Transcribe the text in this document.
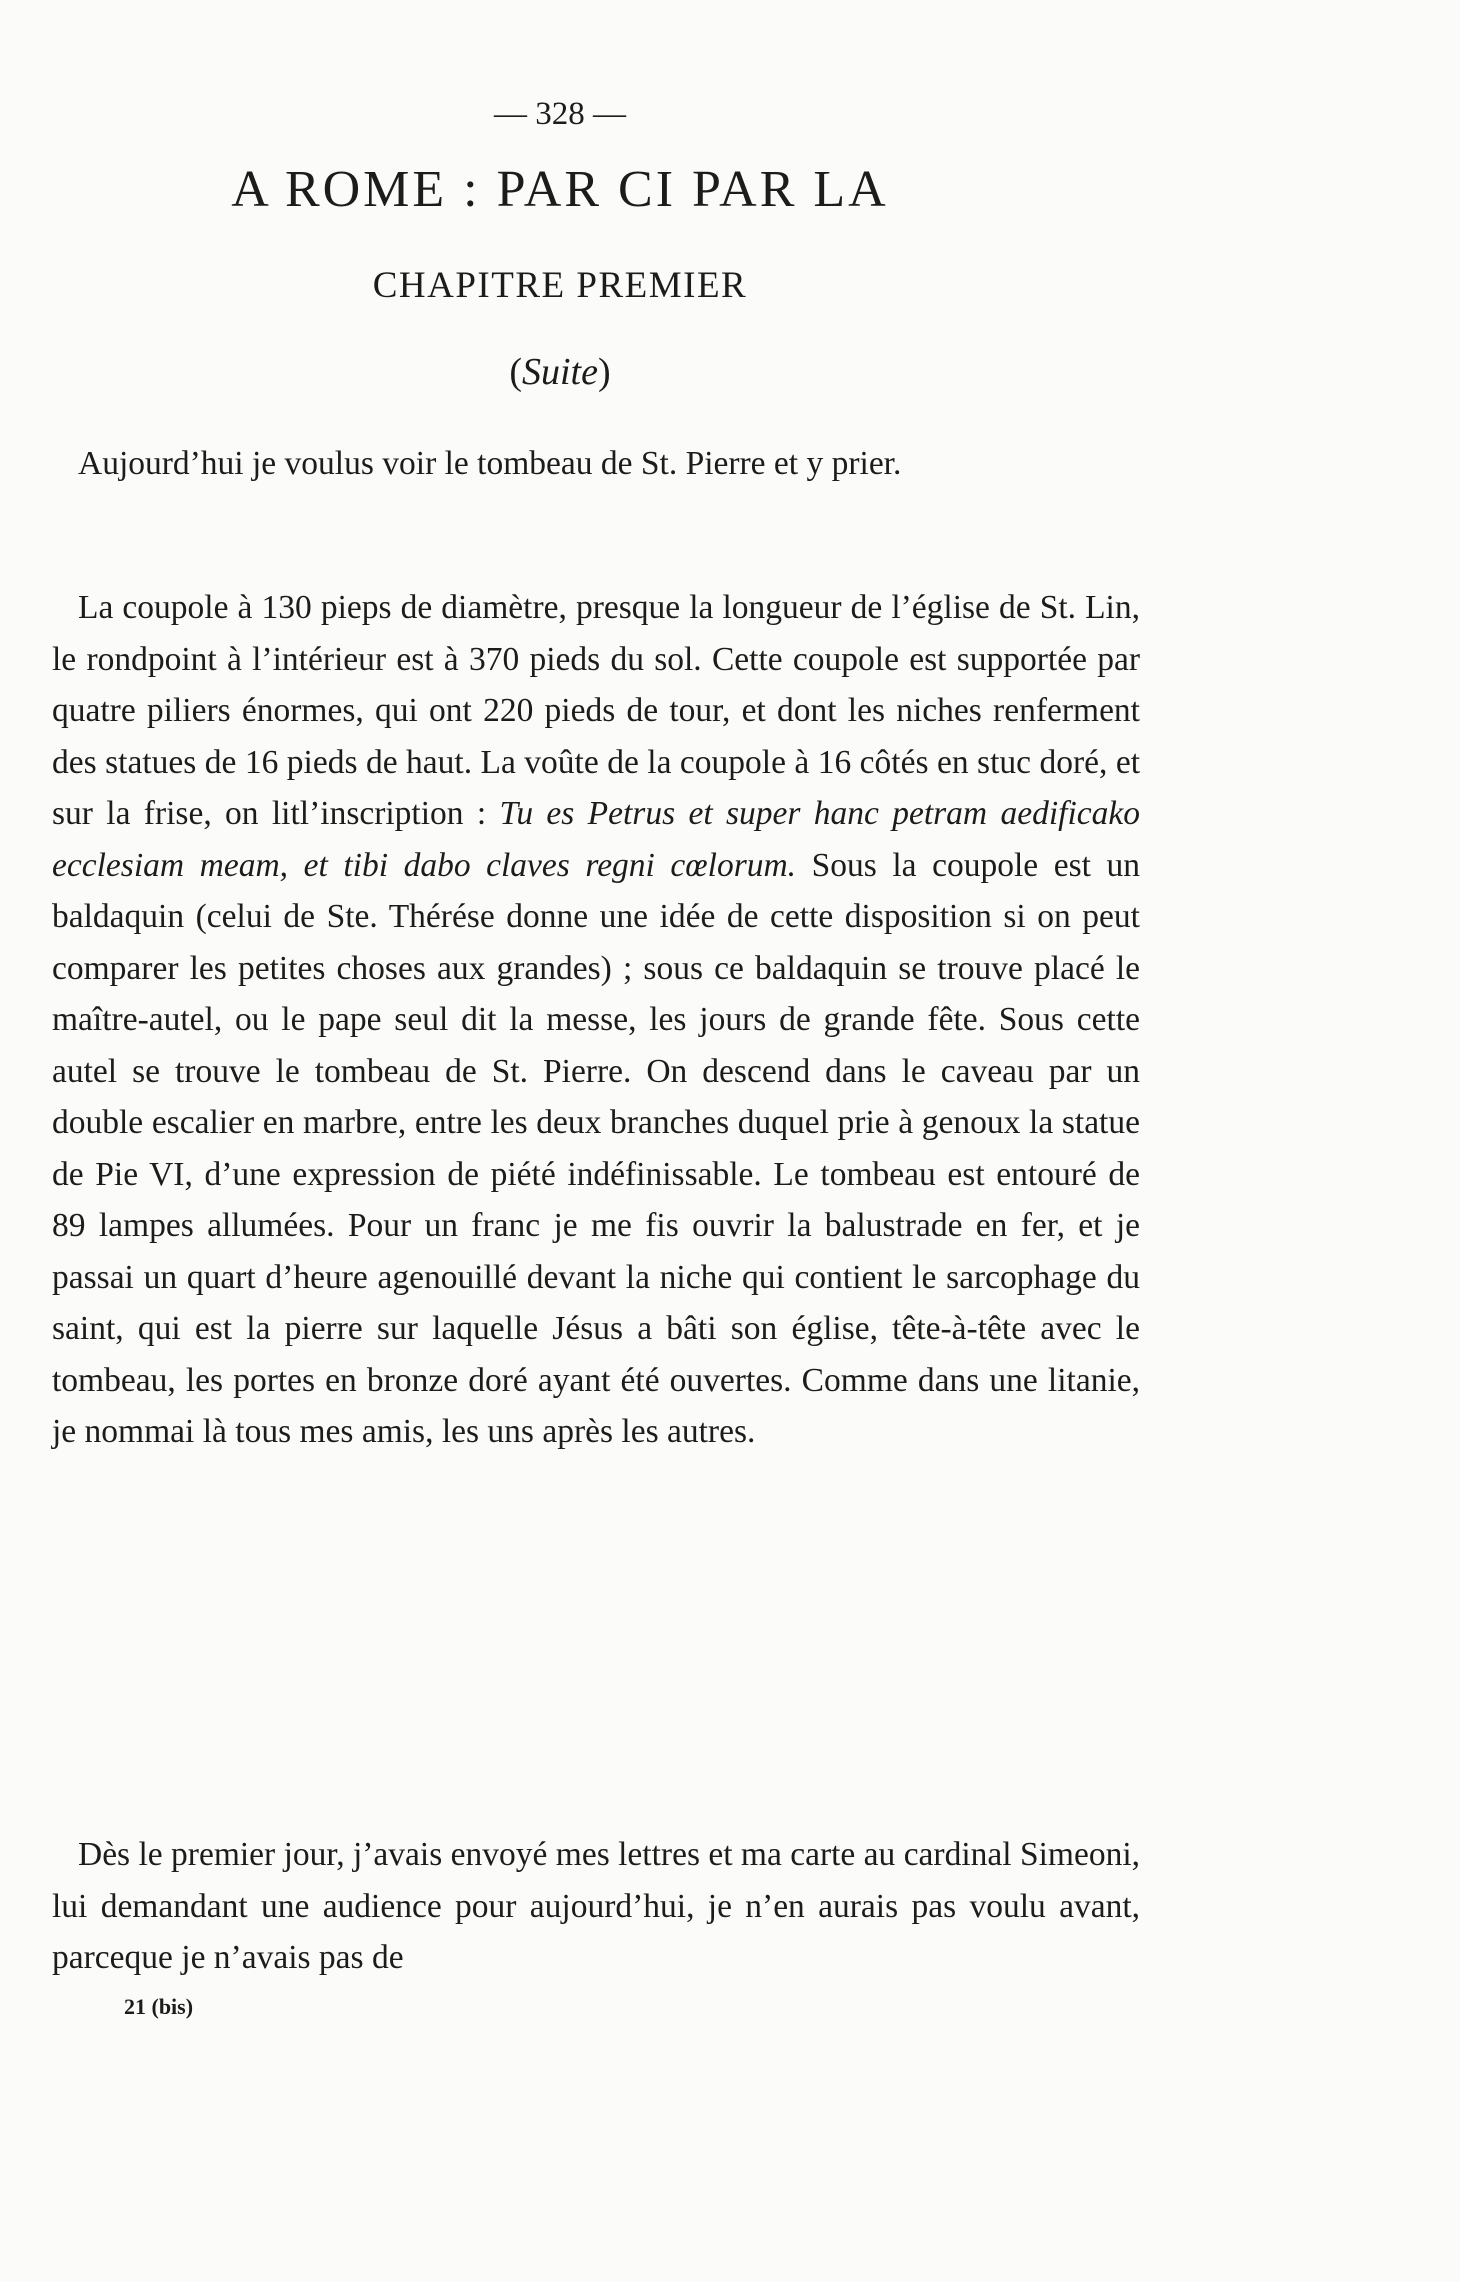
— 328 —
A ROME : PAR CI PAR LA
CHAPITRE PREMIER
(Suite)

Aujourd’hui je voulus voir le tombeau de St. Pierre et y prier.

La coupole à 130 pieps de diamètre, presque la longueur de l’église de St. Lin, le rondpoint à l’intérieur est à 370 pieds du sol. Cette coupole est supportée par quatre piliers énormes, qui ont 220 pieds de tour, et dont les niches renferment des statues de 16 pieds de haut. La voûte de la coupole à 16 côtés en stuc doré, et sur la frise, on litl’inscription : Tu es Petrus et super hanc petram aedificako ecclesiam meam, et tibi dabo claves regni cœlorum. Sous la coupole est un baldaquin (celui de Ste. Thérése donne une idée de cette disposition si on peut comparer les petites choses aux grandes) ; sous ce baldaquin se trouve placé le maître-autel, ou le pape seul dit la messe, les jours de grande fête. Sous cette autel se trouve le tombeau de St. Pierre. On descend dans le caveau par un double escalier en marbre, entre les deux branches duquel prie à genoux la statue de Pie VI, d’une expression de piété indéfinissable. Le tombeau est entouré de 89 lampes allumées. Pour un franc je me fis ouvrir la balustrade en fer, et je passai un quart d’heure agenouillé devant la niche qui contient le sarcophage du saint, qui est la pierre sur laquelle Jésus a bâti son église, tête-à-tête avec le tombeau, les portes en bronze doré ayant été ouvertes. Comme dans une litanie, je nommai là tous mes amis, les uns après les autres.

Dès le premier jour, j’avais envoyé mes lettres et ma carte au cardinal Simeoni, lui demandant une audience pour aujourd’hui, je n’en aurais pas voulu avant, parceque je n’avais pas de

21 (bis)
